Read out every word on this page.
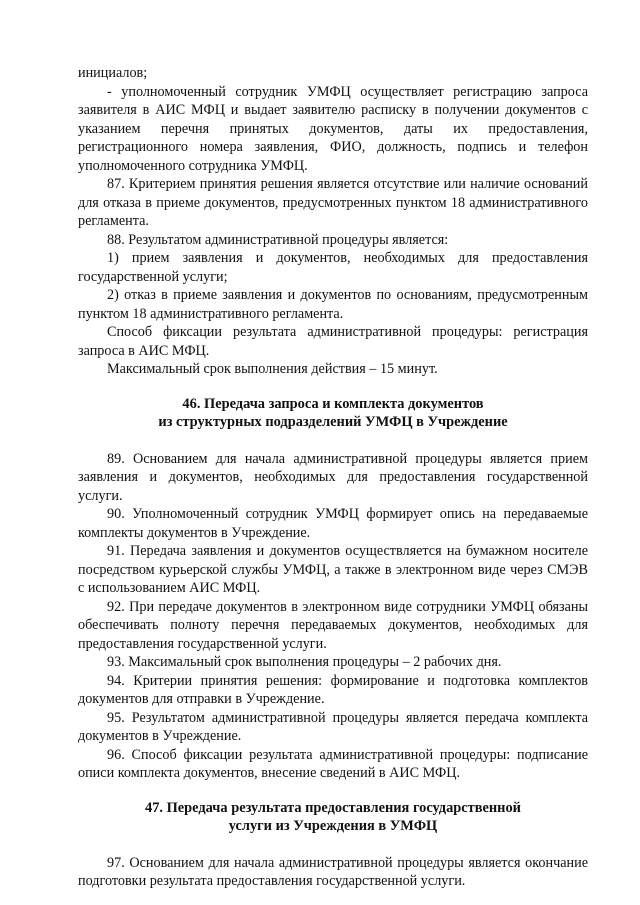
инициалов;

- уполномоченный сотрудник УМФЦ осуществляет регистрацию запроса заявителя в АИС МФЦ и выдает заявителю расписку в получении документов с указанием перечня принятых документов, даты их предоставления, регистрационного номера заявления, ФИО, должность, подпись и телефон уполномоченного сотрудника УМФЦ.

87. Критерием принятия решения является отсутствие или наличие оснований для отказа в приеме документов, предусмотренных пунктом 18 административного регламента.

88. Результатом административной процедуры является:

1) прием заявления и документов, необходимых для предоставления государственной услуги;

2) отказ в приеме заявления и документов по основаниям, предусмотренным пунктом 18 административного регламента.

Способ фиксации результата административной процедуры: регистрация запроса в АИС МФЦ.

Максимальный срок выполнения действия – 15 минут.

46. Передача запроса и комплекта документов
из структурных подразделений УМФЦ в Учреждение

89. Основанием для начала административной процедуры является прием заявления и документов, необходимых для предоставления государственной услуги.

90. Уполномоченный сотрудник УМФЦ формирует опись на передаваемые комплекты документов в Учреждение.

91. Передача заявления и документов осуществляется на бумажном носителе посредством курьерской службы УМФЦ, а также в электронном виде через СМЭВ с использованием АИС МФЦ.

92. При передаче документов в электронном виде сотрудники УМФЦ обязаны обеспечивать полноту перечня передаваемых документов, необходимых для предоставления государственной услуги.

93. Максимальный срок выполнения процедуры – 2 рабочих дня.

94. Критерии принятия решения: формирование и подготовка комплектов документов для отправки в Учреждение.

95. Результатом административной процедуры является передача комплекта документов в Учреждение.

96. Способ фиксации результата административной процедуры: подписание описи комплекта документов, внесение сведений в АИС МФЦ.

47. Передача результата предоставления государственной
услуги из Учреждения в УМФЦ

97. Основанием для начала административной процедуры является окончание подготовки результата предоставления государственной услуги.
